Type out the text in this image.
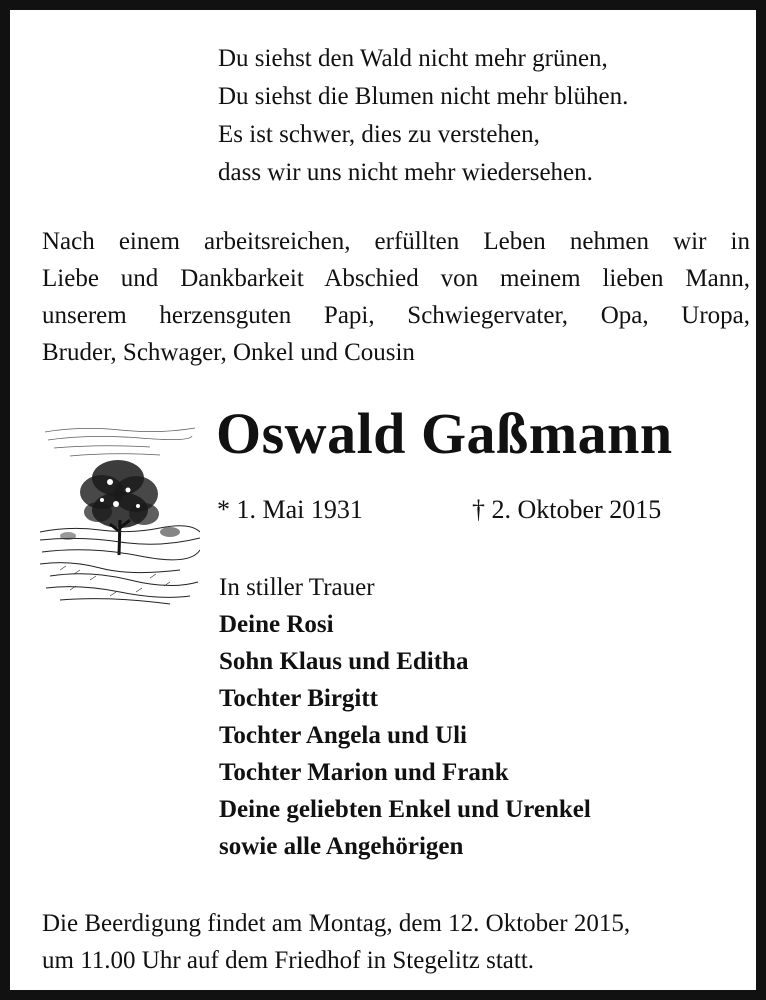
Du siehst den Wald nicht mehr grünen,
Du siehst die Blumen nicht mehr blühen.
Es ist schwer, dies zu verstehen,
dass wir uns nicht mehr wiedersehen.
Nach einem arbeitsreichen, erfüllten Leben nehmen wir in
Liebe und Dankbarkeit Abschied von meinem lieben Mann,
unserem herzensguten Papi, Schwiegervater, Opa, Uropa,
Bruder, Schwager, Onkel und Cousin
Oswald Gaßmann
* 1. Mai 1931	† 2. Oktober 2015
In stiller Trauer
Deine Rosi
Sohn Klaus und Editha
Tochter Birgitt
Tochter Angela und Uli
Tochter Marion und Frank
Deine geliebten Enkel und Urenkel
sowie alle Angehörigen
Die Beerdigung findet am Montag, dem 12. Oktober 2015,
um 11.00 Uhr auf dem Friedhof in Stegelitz statt.
